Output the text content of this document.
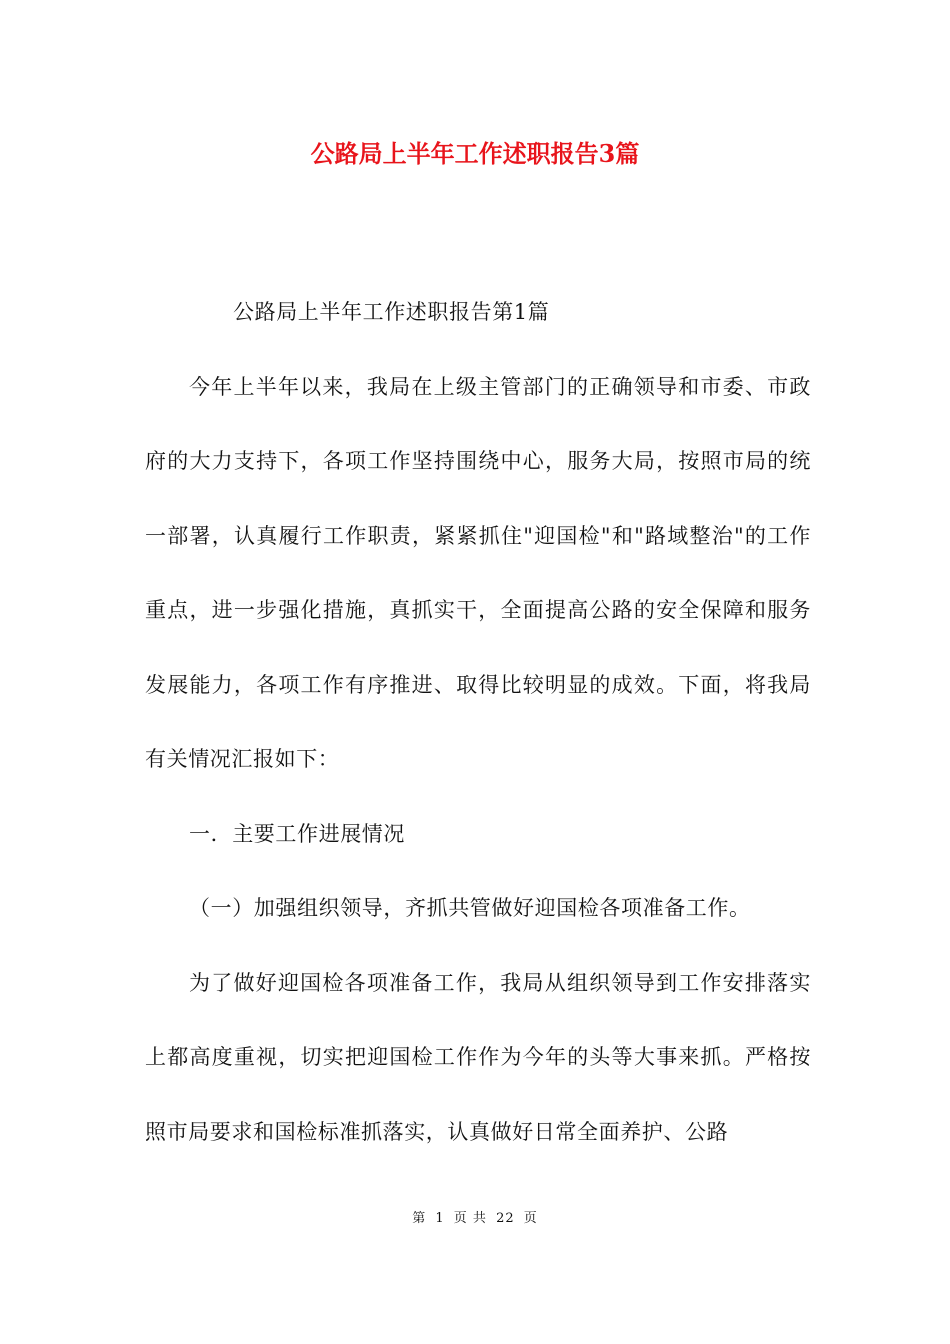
公路局上半年工作述职报告3篇

公路局上半年工作述职报告第1篇

今年上半年以来，我局在上级主管部门的正确领导和市委、市政府的大力支持下，各项工作坚持围绕中心，服务大局，按照市局的统一部署，认真履行工作职责，紧紧抓住"迎国检"和"路域整治"的工作重点，进一步强化措施，真抓实干，全面提高公路的安全保障和服务发展能力，各项工作有序推进、取得比较明显的成效。下面，将我局有关情况汇报如下：

一．主要工作进展情况

（一）加强组织领导，齐抓共管做好迎国检各项准备工作。

为了做好迎国检各项准备工作，我局从组织领导到工作安排落实上都高度重视，切实把迎国检工作作为今年的头等大事来抓。严格按照市局要求和国检标准抓落实，认真做好日常全面养护、公路

第 1 页 共 22 页
